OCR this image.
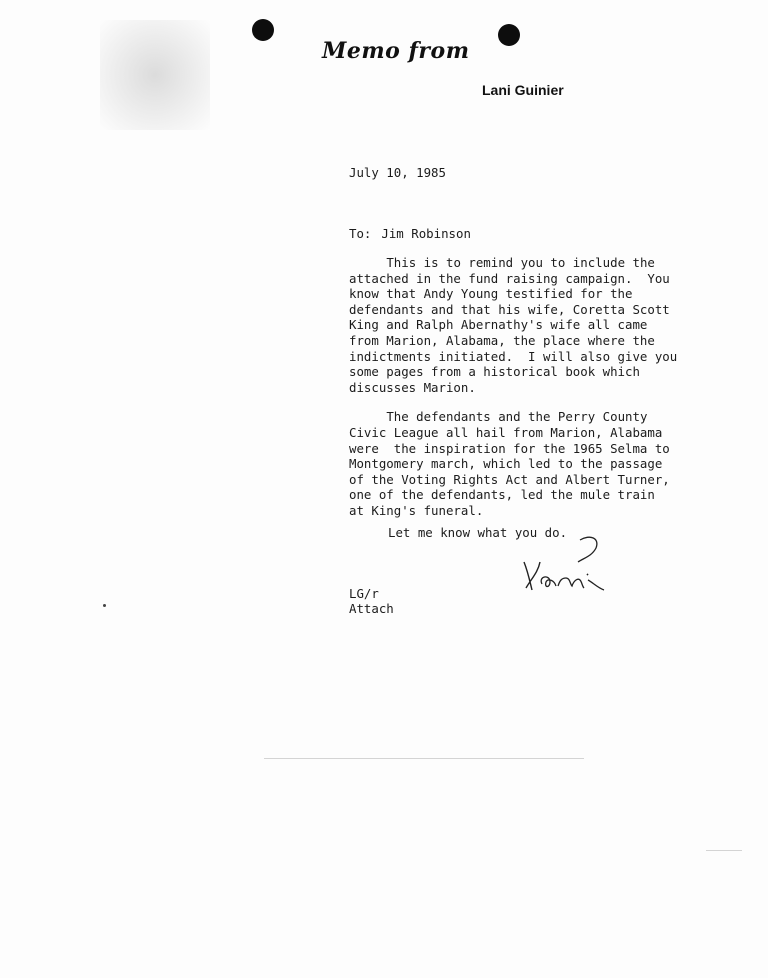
Memo from
Lani Guinier
July 10, 1985
To: Jim Robinson

This is to remind you to include the
attached in the fund raising campaign.  You
know that Andy Young testified for the
defendants and that his wife, Coretta Scott
King and Ralph Abernathy's wife all came
from Marion, Alabama, the place where the
indictments initiated.  I will also give you
some pages from a historical book which
discusses Marion.

The defendants and the Perry County
Civic League all hail from Marion, Alabama
were  the inspiration for the 1965 Selma to
Montgomery march, which led to the passage
of the Voting Rights Act and Albert Turner,
one of the defendants, led the mule train
at King's funeral.

Let me know what you do.
LG/r
Attach
